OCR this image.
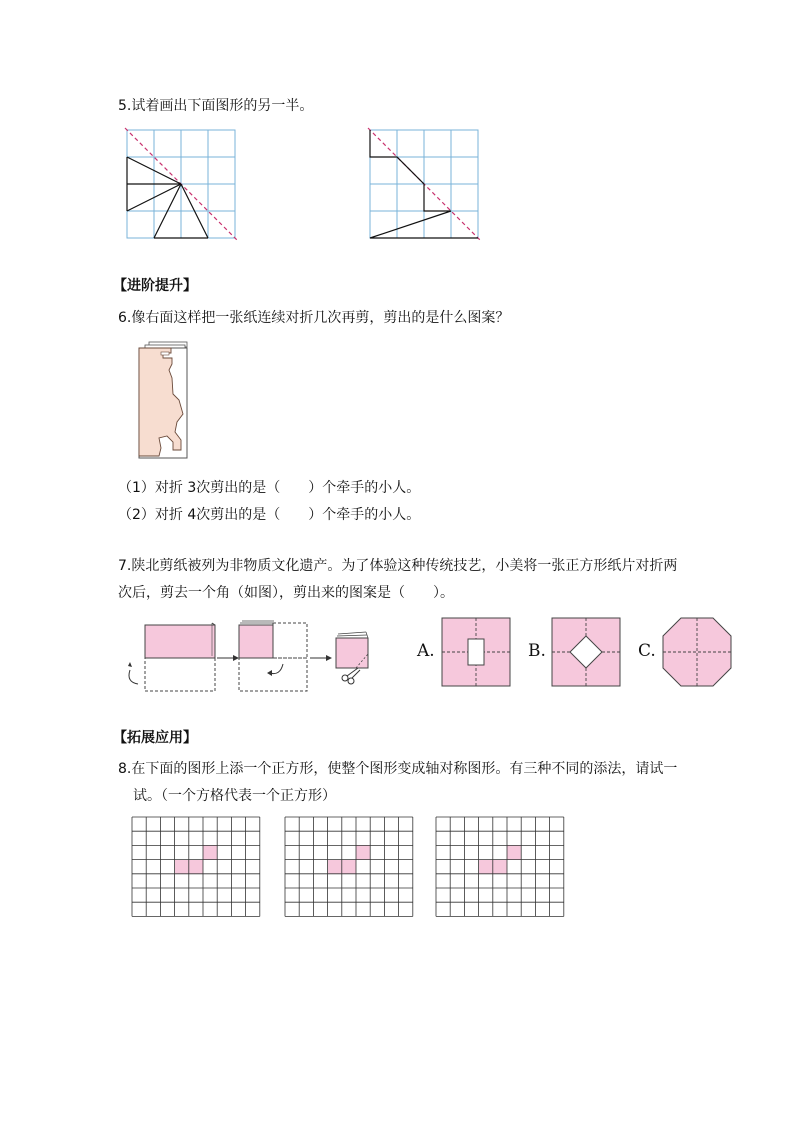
5.试着画出下面图形的另一半。
【进阶提升】
6.像右面这样把一张纸连续对折几次再剪，剪出的是什么图案？
（1）对折 3次剪出的是（　　）个牵手的小人。
（2）对折 4次剪出的是（　　）个牵手的小人。
7.陕北剪纸被列为非物质文化遗产。为了体验这种传统技艺，小美将一张正方形纸片对折两
次后，剪去一个角（如图），剪出来的图案是（　　）。
A.	B.	C.
【拓展应用】
8.在下面的图形上添一个正方形，使整个图形变成轴对称图形。有三种不同的添法，请试一
试。（一个方格代表一个正方形）
